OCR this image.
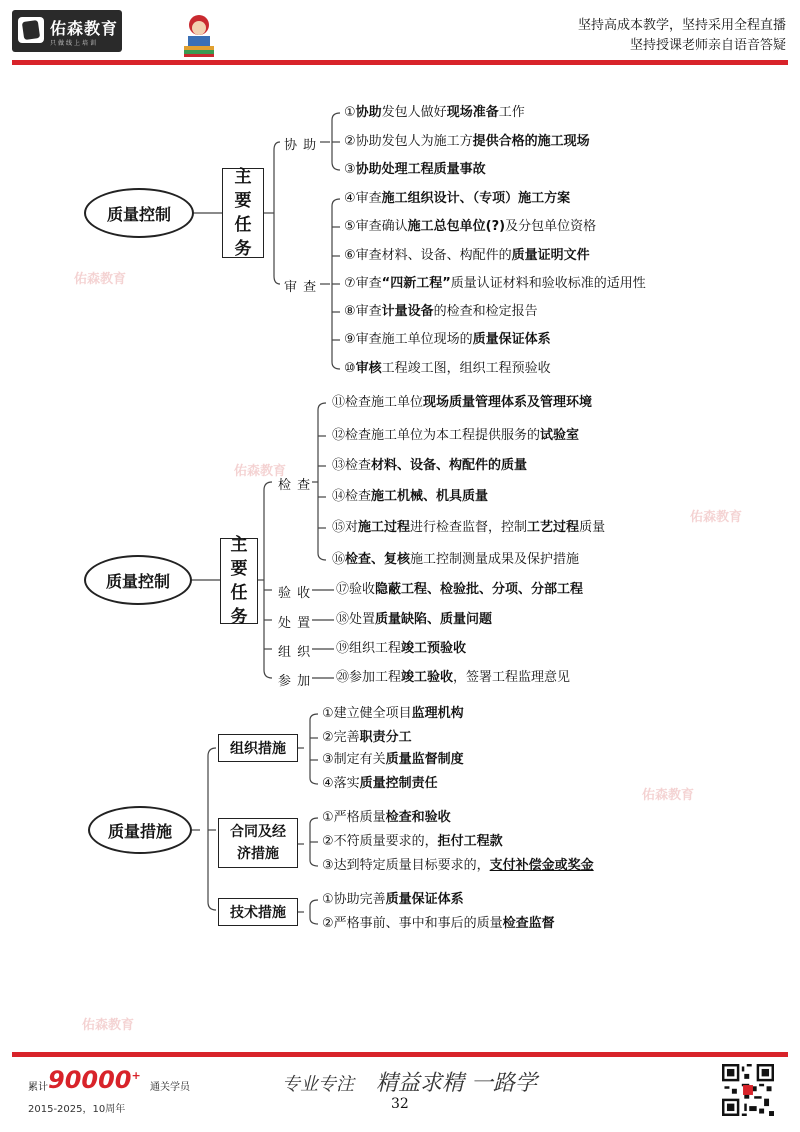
佑森教育
只做线上培训
坚持高成本教学，坚持采用全程直播
坚持授课老师亲自语音答疑
佑森教育
佑森教育
佑森教育
佑森教育
佑森教育
质量控制
主
要
任
务
协 助
审 查
①协助发包人做好现场准备工作
②协助发包人为施工方提供合格的施工现场
③协助处理工程质量事故
④审查施工组织设计、（专项）施工方案
⑤审查确认施工总包单位(?)及分包单位资格
⑥审查材料、设备、构配件的质量证明文件
⑦审查“四新工程”质量认证材料和验收标准的适用性
⑧审查计量设备的检查和检定报告
⑨审查施工单位现场的质量保证体系
⑩审核工程竣工图，组织工程预验收
质量控制
主
要
任
务
检 查
⑪检查施工单位现场质量管理体系及管理环境
⑫检查施工单位为本工程提供服务的试验室
⑬检查材料、设备、构配件的质量
⑭检查施工机械、机具质量
⑮对施工过程进行检查监督，控制工艺过程质量
⑯检查、复核施工控制测量成果及保护措施
验 收 ⑰验收隐蔽工程、检验批、分项、分部工程
处 置 ⑱处置质量缺陷、质量问题
组 织 ⑲组织工程竣工预验收
参 加 ⑳参加工程竣工验收，签署工程监理意见
质量措施
组织措施
合同及经济措施
技术措施
①建立健全项目监理机构
②完善职责分工
③制定有关质量监督制度
④落实质量控制责任
①严格质量检查和验收
②不符质量要求的，拒付工程款
③达到特定质量目标要求的，支付补偿金或奖金
①协助完善质量保证体系
②严格事前、事中和事后的质量检查监督
累计 90000+
通关学员
2015-2025，10周年
专业专注 精益求精 一路学
32
